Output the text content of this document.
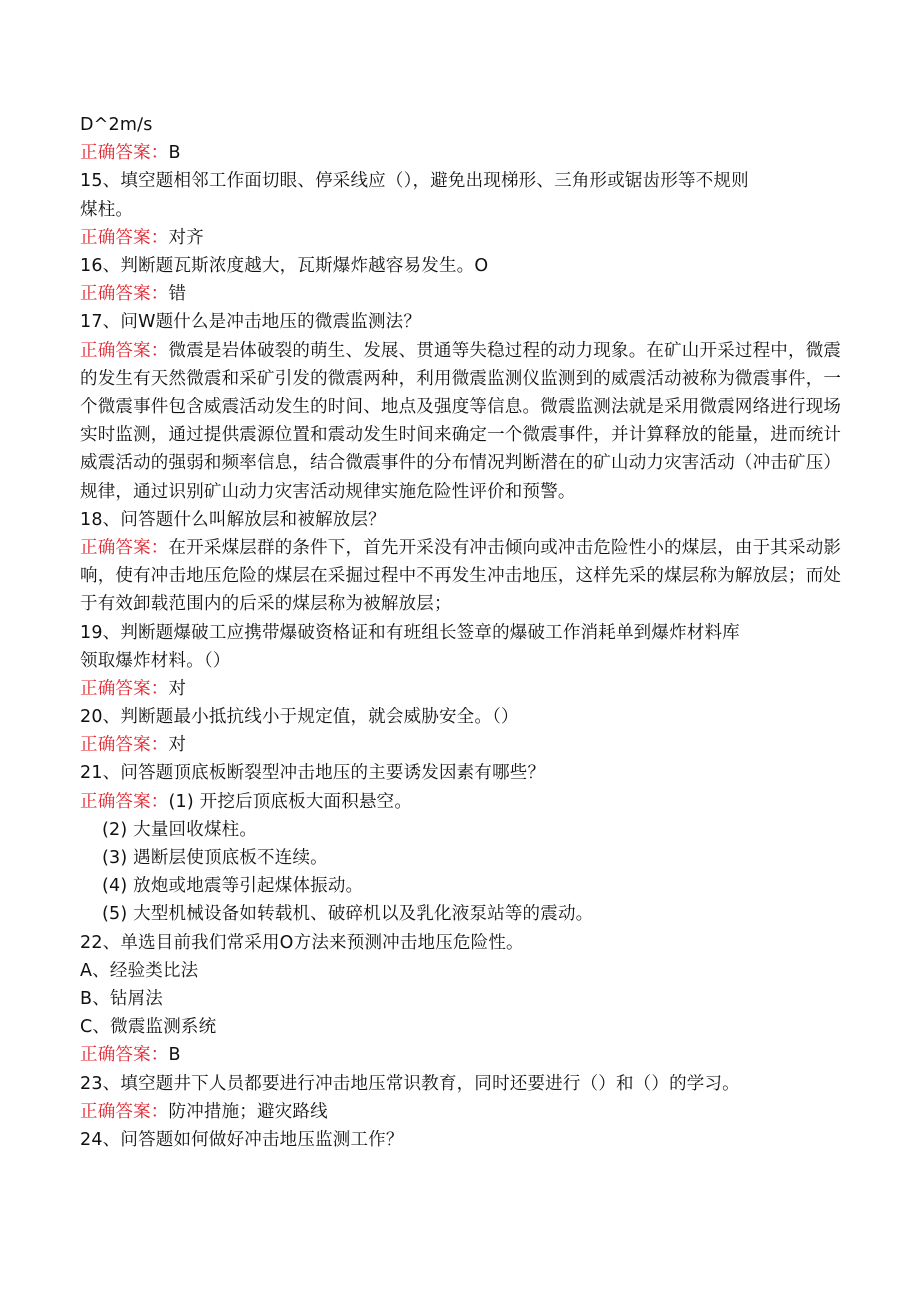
D^2m∕s
正确答案：B
15、填空题相邻工作面切眼、停采线应（），避免出现梯形、三角形或锯齿形等不规则
煤柱。
正确答案：对齐
16、判断题瓦斯浓度越大，瓦斯爆炸越容易发生。O
正确答案：错
17、问W题什么是冲击地压的微震监测法？
正确答案：微震是岩体破裂的萌生、发展、贯通等失稳过程的动力现象。在矿山开采过程中，微震的发生有天然微震和采矿引发的微震两种，利用微震监测仪监测到的威震活动被称为微震事件，一个微震事件包含威震活动发生的时间、地点及强度等信息。微震监测法就是采用微震网络进行现场实时监测，通过提供震源位置和震动发生时间来确定一个微震事件，并计算释放的能量，进而统计威震活动的强弱和频率信息，结合微震事件的分布情况判断潜在的矿山动力灾害活动（冲击矿压）规律，通过识别矿山动力灾害活动规律实施危险性评价和预警。
18、问答题什么叫解放层和被解放层？
正确答案：在开采煤层群的条件下，首先开采没有冲击倾向或冲击危险性小的煤层，由于其采动影响，使有冲击地压危险的煤层在采掘过程中不再发生冲击地压，这样先采的煤层称为解放层；而处于有效卸载范围内的后采的煤层称为被解放层；
19、判断题爆破工应携带爆破资格证和有班组长签章的爆破工作消耗单到爆炸材料库
领取爆炸材料。（）
正确答案：对
20、判断题最小抵抗线小于规定值，就会威胁安全。（）
正确答案：对
21、问答题顶底板断裂型冲击地压的主要诱发因素有哪些？
正确答案：(1) 开挖后顶底板大面积悬空。
(2) 大量回收煤柱。
(3) 遇断层使顶底板不连续。
(4) 放炮或地震等引起煤体振动。
(5) 大型机械设备如转载机、破碎机以及乳化液泵站等的震动。
22、单选目前我们常采用O方法来预测冲击地压危险性。
A、经验类比法
B、钻屑法
C、微震监测系统
正确答案：B
23、填空题井下人员都要进行冲击地压常识教育，同时还要进行（）和（）的学习。
正确答案：防冲措施；避灾路线
24、问答题如何做好冲击地压监测工作？
